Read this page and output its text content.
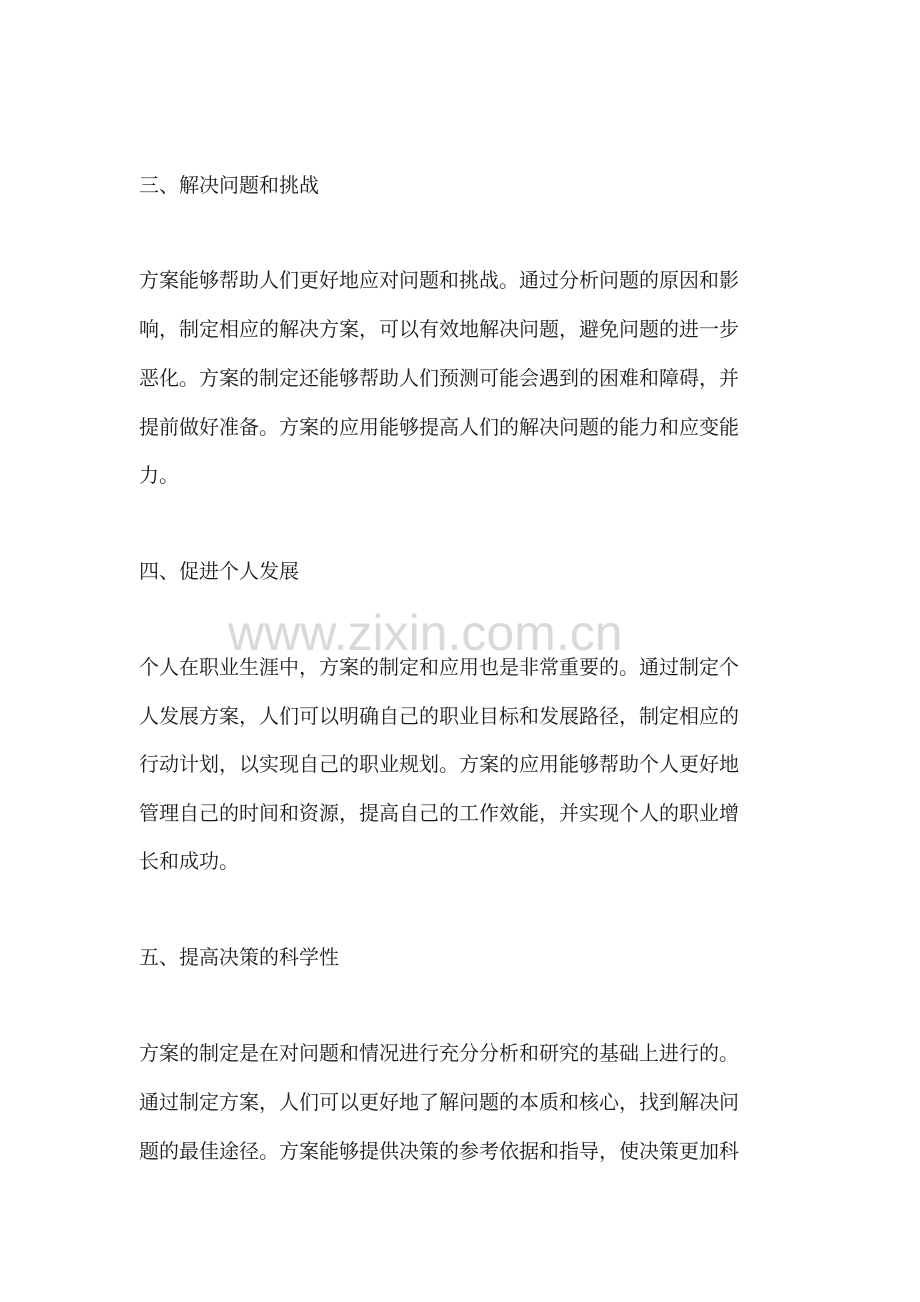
三、解决问题和挑战
方案能够帮助人们更好地应对问题和挑战。通过分析问题的原因和影
响，制定相应的解决方案，可以有效地解决问题，避免问题的进一步
恶化。方案的制定还能够帮助人们预测可能会遇到的困难和障碍，并
提前做好准备。方案的应用能够提高人们的解决问题的能力和应变能
力。
四、促进个人发展
个人在职业生涯中，方案的制定和应用也是非常重要的。通过制定个
人发展方案，人们可以明确自己的职业目标和发展路径，制定相应的
行动计划，以实现自己的职业规划。方案的应用能够帮助个人更好地
管理自己的时间和资源，提高自己的工作效能，并实现个人的职业增
长和成功。
五、提高决策的科学性
方案的制定是在对问题和情况进行充分分析和研究的基础上进行的。
通过制定方案，人们可以更好地了解问题的本质和核心，找到解决问
题的最佳途径。方案能够提供决策的参考依据和指导，使决策更加科
www.zixin.com.cn
